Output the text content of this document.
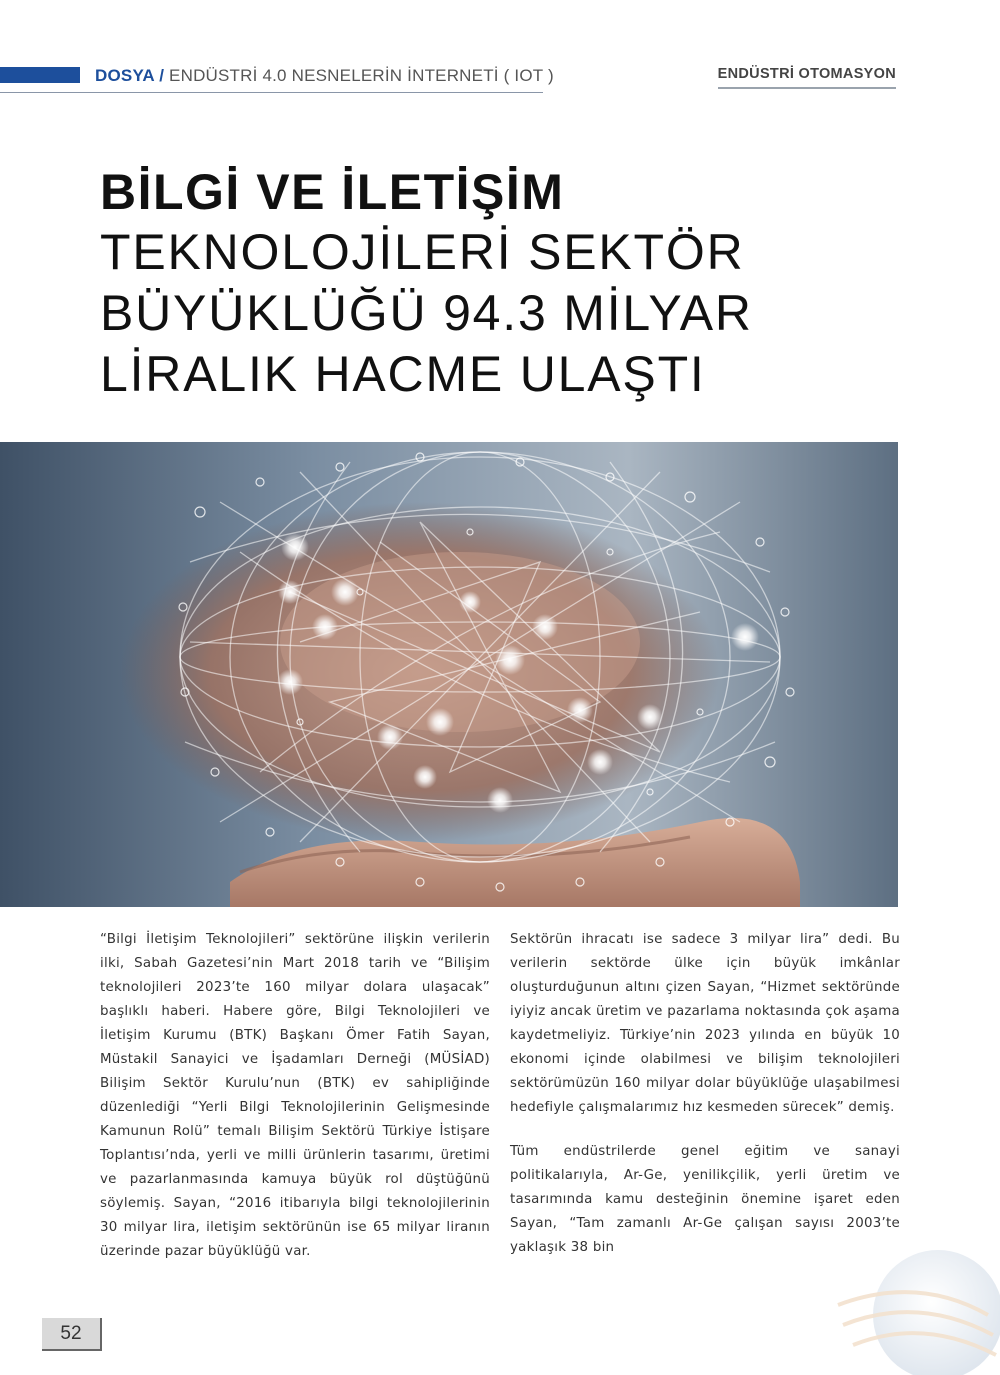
DOSYA / ENDÜSTRİ 4.0 NESNELERİN İNTERNETİ ( IOT )	ENDÜSTRİ OTOMASYON
BİLGİ VE İLETİŞİM
TEKNOLOJİLERİ SEKTÖR
BÜYÜKLÜĞÜ 94.3 MİLYAR
LİRALIK HACME ULAŞTI

“Bilgi İletişim Teknolojileri” sektörüne ilişkin verilerin ilki, Sabah Gazetesi’nin Mart 2018 tarih ve “Bilişim teknolojileri 2023’te 160 milyar dolara ulaşacak” başlıklı haberi. Habere göre, Bilgi Teknolojileri ve İletişim Kurumu (BTK) Başkanı Ömer Fatih Sayan, Müstakil Sanayici ve İşadamları Derneği (MÜSİAD) Bilişim Sektör Kurulu’nun (BTK) ev sahipliğinde düzenlediği “Yerli Bilgi Teknolojilerinin Gelişmesinde Kamunun Rolü” temalı Bilişim Sektörü Türkiye İstişare Toplantısı’nda, yerli ve milli ürünlerin tasarımı, üretimi ve pazarlanmasında kamuya büyük rol düştüğünü söylemiş. Sayan, “2016 itibarıyla bilgi teknolojilerinin 30 milyar lira, iletişim sektörünün ise 65 milyar liranın üzerinde pazar büyüklüğü var.

Sektörün ihracatı ise sadece 3 milyar lira” dedi. Bu verilerin sektörde ülke için büyük imkânlar oluşturduğunun altını çizen Sayan, “Hizmet sektöründe iyiyiz ancak üretim ve pazarlama noktasında çok aşama kaydetmeliyiz. Türkiye’nin 2023 yılında en büyük 10 ekonomi içinde olabilmesi ve bilişim teknolojileri sektörümüzün 160 milyar dolar büyüklüğe ulaşabilmesi hedefiyle çalışmalarımız hız kesmeden sürecek” demiş.

Tüm endüstrilerde genel eğitim ve sanayi politikalarıyla, Ar-Ge, yenilikçilik, yerli üretim ve tasarımında kamu desteğinin önemine işaret eden Sayan, “Tam zamanlı Ar-Ge çalışan sayısı 2003’te yaklaşık 38 bin

52
